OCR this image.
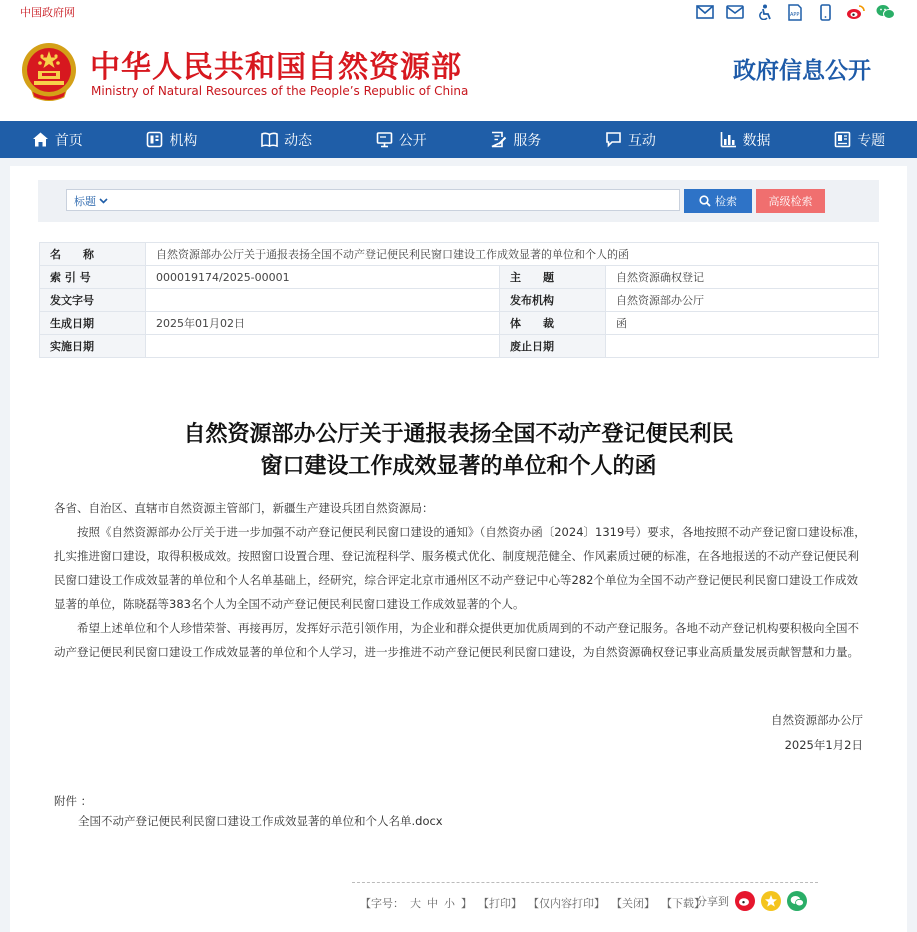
中国政府网	APP
中华人民共和国自然资源部
Ministry of Natural Resources of the People’s Republic of China
政府信息公开
首页	机构	动态	公开	服务	互动	数据	专题
标题	检索	高级检索
名　　称	自然资源部办公厅关于通报表扬全国不动产登记便民利民窗口建设工作成效显著的单位和个人的函		
索 引 号	000019174/2025-00001	主　　题	自然资源确权登记
发文字号		发布机构	自然资源部办公厅
生成日期	2025年01月02日	体　　裁	函
实施日期		废止日期	
自然资源部办公厅关于通报表扬全国不动产登记便民利民
窗口建设工作成效显著的单位和个人的函

各省、自治区、直辖市自然资源主管部门，新疆生产建设兵团自然资源局：

按照《自然资源部办公厅关于进一步加强不动产登记便民利民窗口建设的通知》（自然资办函〔2024〕1319号）要求，各地按照不动产登记窗口建设标准，扎实推进窗口建设，取得积极成效。按照窗口设置合理、登记流程科学、服务模式优化、制度规范健全、作风素质过硬的标准，在各地报送的不动产登记便民利民窗口建设工作成效显著的单位和个人名单基础上，经研究，综合评定北京市通州区不动产登记中心等282个单位为全国不动产登记便民利民窗口建设工作成效显著的单位，陈晓磊等383名个人为全国不动产登记便民利民窗口建设工作成效显著的个人。

希望上述单位和个人珍惜荣誉、再接再厉，发挥好示范引领作用，为企业和群众提供更加优质周到的不动产登记服务。各地不动产登记机构要积极向全国不动产登记便民利民窗口建设工作成效显著的单位和个人学习，进一步推进不动产登记便民利民窗口建设，为自然资源确权登记事业高质量发展贡献智慧和力量。

自然资源部办公厅
2025年1月2日
附件 ：
全国不动产登记便民利民窗口建设工作成效显著的单位和个人名单.docx
【字号： 大 中 小 】 【打印】 【仅内容打印】 【关闭】 【下载】
分享到
